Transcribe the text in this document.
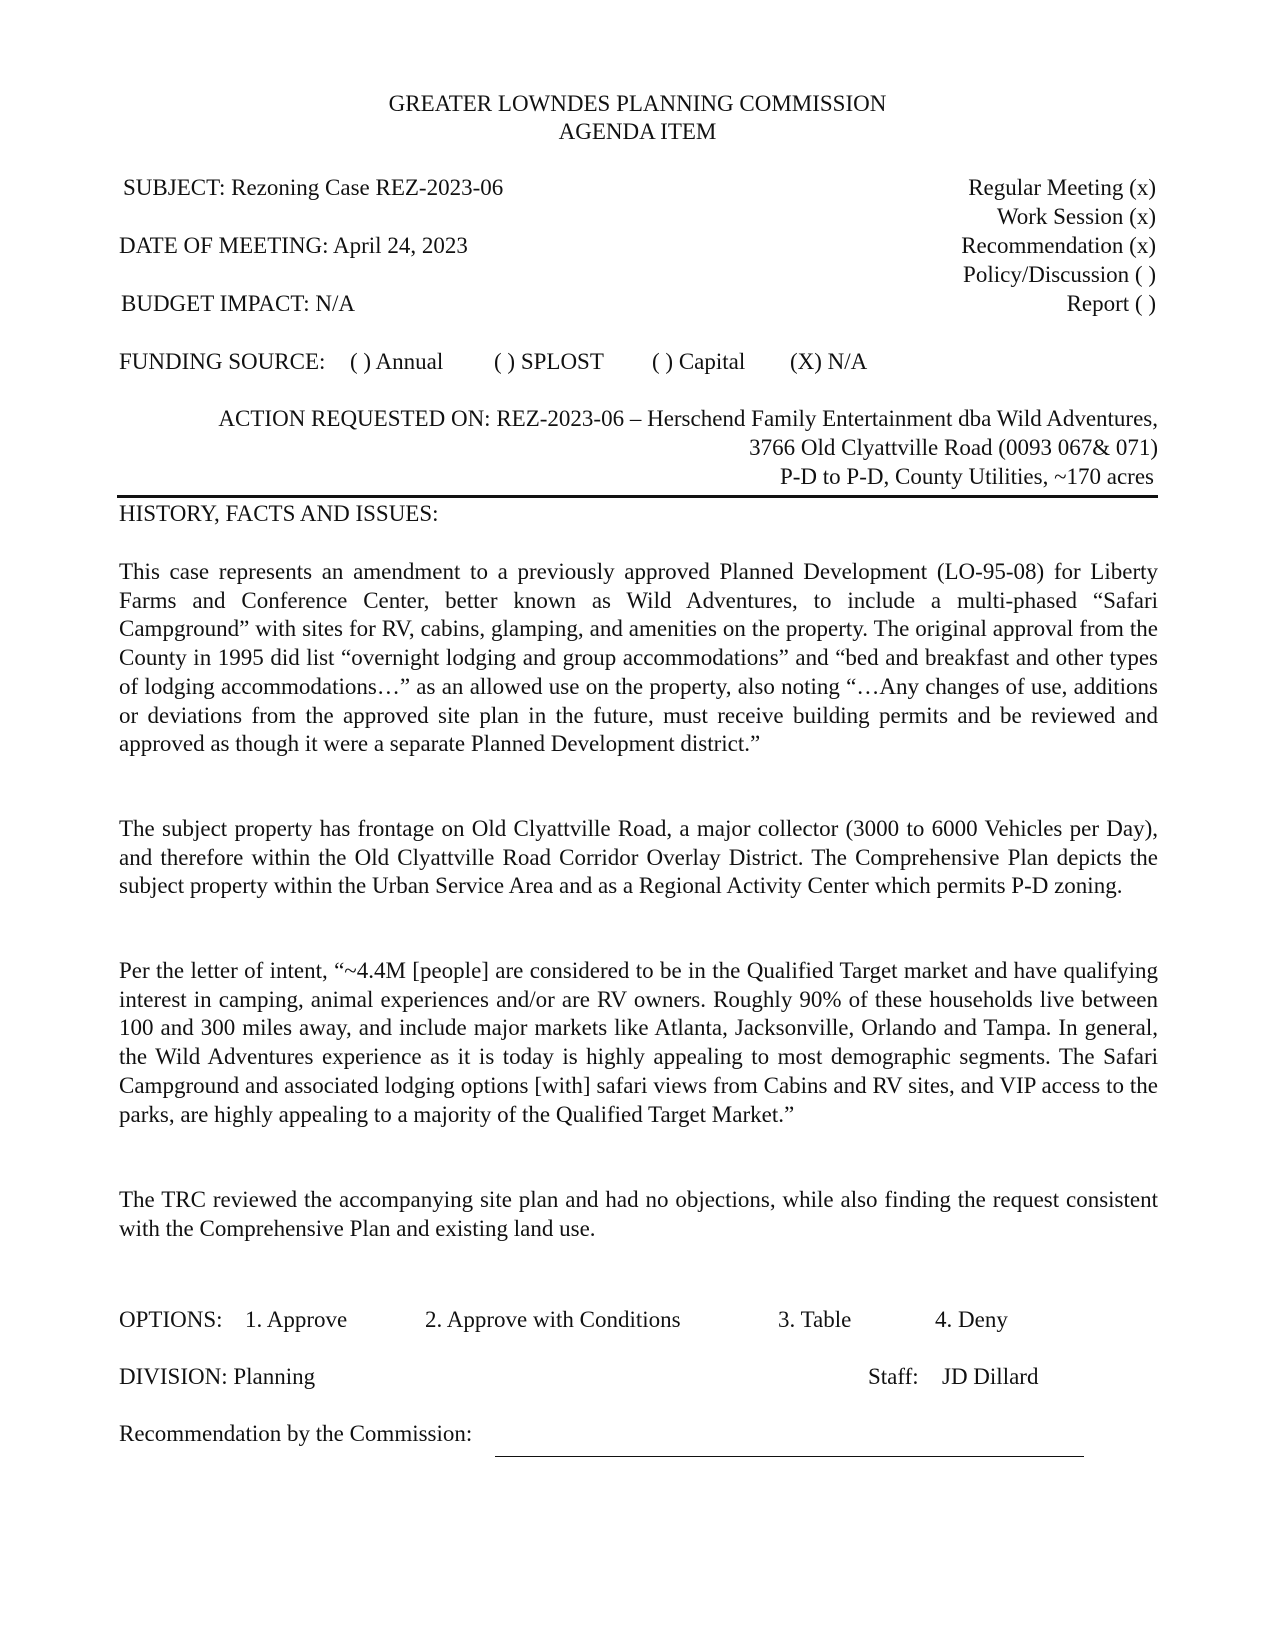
GREATER LOWNDES PLANNING COMMISSION
AGENDA ITEM
SUBJECT: Rezoning Case REZ-2023-06
DATE OF MEETING: April 24, 2023
BUDGET IMPACT: N/A
Regular Meeting (x)
Work Session (x)
Recommendation (x)
Policy/Discussion ( )
Report ( )
FUNDING SOURCE: ( ) Annual ( ) SPLOST ( ) Capital (X) N/A
ACTION REQUESTED ON: REZ-2023-06 – Herschend Family Entertainment dba Wild Adventures,
3766 Old Clyattville Road (0093 067& 071)
P-D to P-D, County Utilities, ~170 acres
HISTORY, FACTS AND ISSUES:
This case represents an amendment to a previously approved Planned Development (LO-95-08) for Liberty Farms and Conference Center, better known as Wild Adventures, to include a multi-phased “Safari Campground” with sites for RV, cabins, glamping, and amenities on the property. The original approval from the County in 1995 did list “overnight lodging and group accommodations” and “bed and breakfast and other types of lodging accommodations…” as an allowed use on the property, also noting “…Any changes of use, additions or deviations from the approved site plan in the future, must receive building permits and be reviewed and approved as though it were a separate Planned Development district.”
The subject property has frontage on Old Clyattville Road, a major collector (3000 to 6000 Vehicles per Day), and therefore within the Old Clyattville Road Corridor Overlay District. The Comprehensive Plan depicts the subject property within the Urban Service Area and as a Regional Activity Center which permits P-D zoning.
Per the letter of intent, “~4.4M [people] are considered to be in the Qualified Target market and have qualifying interest in camping, animal experiences and/or are RV owners. Roughly 90% of these households live between 100 and 300 miles away, and include major markets like Atlanta, Jacksonville, Orlando and Tampa. In general, the Wild Adventures experience as it is today is highly appealing to most demographic segments. The Safari Campground and associated lodging options [with] safari views from Cabins and RV sites, and VIP access to the parks, are highly appealing to a majority of the Qualified Target Market.”
The TRC reviewed the accompanying site plan and had no objections, while also finding the request consistent with the Comprehensive Plan and existing land use.
OPTIONS: 1. Approve	2. Approve with Conditions	3. Table	4. Deny
DIVISION: Planning	Staff: JD Dillard
Recommendation by the Commission:
